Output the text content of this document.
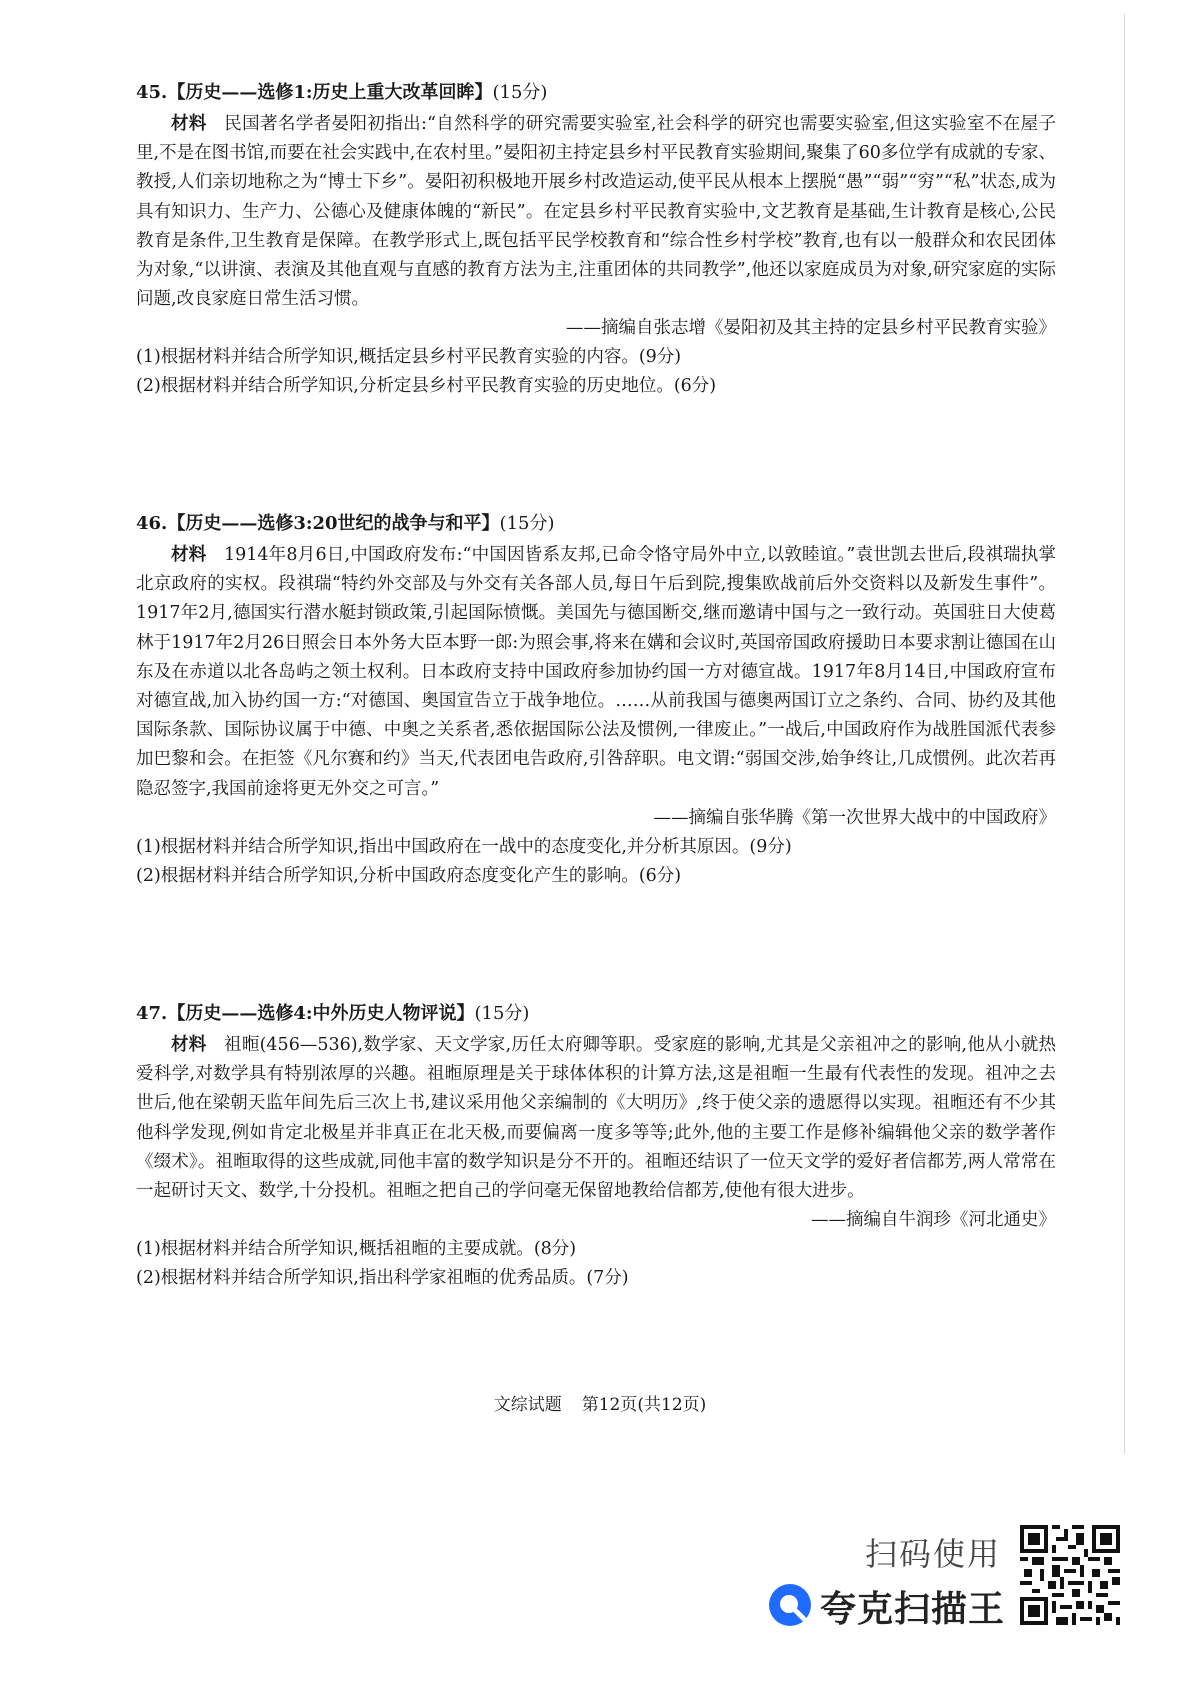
45.【历史——选修1:历史上重大改革回眸】(15分)

材料 民国著名学者晏阳初指出:“自然科学的研究需要实验室,社会科学的研究也需要实验室,但这实验室不在屋子里,不是在图书馆,而要在社会实践中,在农村里。”晏阳初主持定县乡村平民教育实验期间,聚集了60多位学有成就的专家、教授,人们亲切地称之为“博士下乡”。晏阳初积极地开展乡村改造运动,使平民从根本上摆脱“愚”“弱”“穷”“私”状态,成为具有知识力、生产力、公德心及健康体魄的“新民”。在定县乡村平民教育实验中,文艺教育是基础,生计教育是核心,公民教育是条件,卫生教育是保障。在教学形式上,既包括平民学校教育和“综合性乡村学校”教育,也有以一般群众和农民团体为对象,“以讲演、表演及其他直观与直感的教育方法为主,注重团体的共同教学”,他还以家庭成员为对象,研究家庭的实际问题,改良家庭日常生活习惯。

——摘编自张志增《晏阳初及其主持的定县乡村平民教育实验》

(1)根据材料并结合所学知识,概括定县乡村平民教育实验的内容。(9分)

(2)根据材料并结合所学知识,分析定县乡村平民教育实验的历史地位。(6分)

46.【历史——选修3:20世纪的战争与和平】(15分)

材料 1914年8月6日,中国政府发布:“中国因皆系友邦,已命令恪守局外中立,以敦睦谊。”袁世凯去世后,段祺瑞执掌北京政府的实权。段祺瑞“特约外交部及与外交有关各部人员,每日午后到院,搜集欧战前后外交资料以及新发生事件”。1917年2月,德国实行潜水艇封锁政策,引起国际愤慨。美国先与德国断交,继而邀请中国与之一致行动。英国驻日大使葛林于1917年2月26日照会日本外务大臣本野一郎:为照会事,将来在媾和会议时,英国帝国政府援助日本要求割让德国在山东及在赤道以北各岛屿之领土权利。日本政府支持中国政府参加协约国一方对德宣战。1917年8月14日,中国政府宣布对德宣战,加入协约国一方:“对德国、奥国宣告立于战争地位。……从前我国与德奥两国订立之条约、合同、协约及其他国际条款、国际协议属于中德、中奥之关系者,悉依据国际公法及惯例,一律废止。”一战后,中国政府作为战胜国派代表参加巴黎和会。在拒签《凡尔赛和约》当天,代表团电告政府,引咎辞职。电文谓:“弱国交涉,始争终让,几成惯例。此次若再隐忍签字,我国前途将更无外交之可言。”

——摘编自张华腾《第一次世界大战中的中国政府》

(1)根据材料并结合所学知识,指出中国政府在一战中的态度变化,并分析其原因。(9分)

(2)根据材料并结合所学知识,分析中国政府态度变化产生的影响。(6分)

47.【历史——选修4:中外历史人物评说】(15分)

材料 祖暅(456—536),数学家、天文学家,历任太府卿等职。受家庭的影响,尤其是父亲祖冲之的影响,他从小就热爱科学,对数学具有特别浓厚的兴趣。祖暅原理是关于球体体积的计算方法,这是祖暅一生最有代表性的发现。祖冲之去世后,他在梁朝天监年间先后三次上书,建议采用他父亲编制的《大明历》,终于使父亲的遗愿得以实现。祖暅还有不少其他科学发现,例如肯定北极星并非真正在北天极,而要偏离一度多等等;此外,他的主要工作是修补编辑他父亲的数学著作《缀术》。祖暅取得的这些成就,同他丰富的数学知识是分不开的。祖暅还结识了一位天文学的爱好者信都芳,两人常常在一起研讨天文、数学,十分投机。祖暅之把自己的学问毫无保留地教给信都芳,使他有很大进步。

——摘编自牛润珍《河北通史》

(1)根据材料并结合所学知识,概括祖暅的主要成就。(8分)

(2)根据材料并结合所学知识,指出科学家祖暅的优秀品质。(7分)

文综试题 第12页(共12页)
扫码使用
夸克扫描王
